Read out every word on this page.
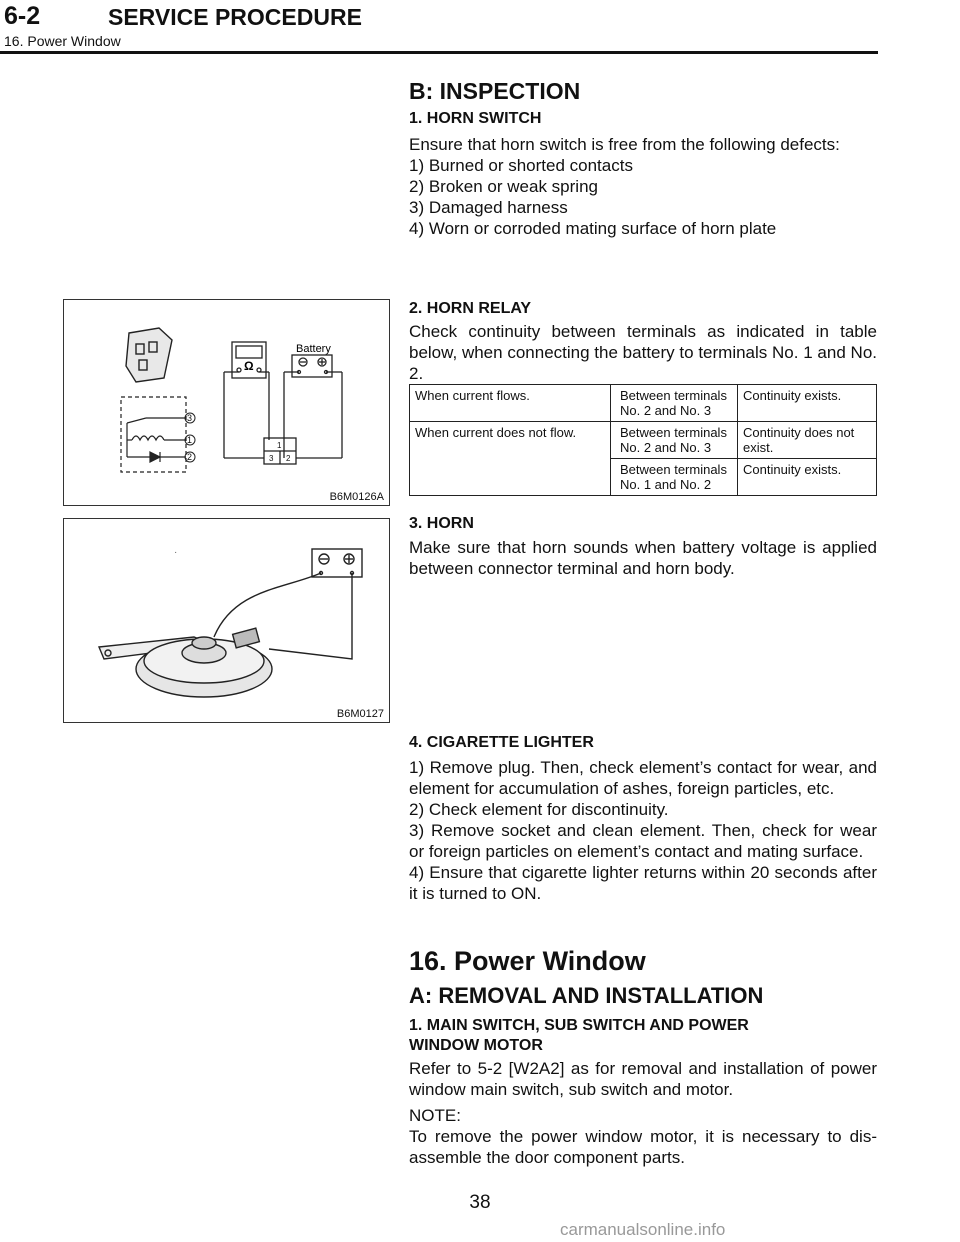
6-2	SERVICE PROCEDURE
16. Power Window
B: INSPECTION
1. HORN SWITCH

Ensure that horn switch is free from the following defects:

1) Burned or shorted contacts

2) Broken or weak spring

3) Damaged harness

4) Worn or corroded mating surface of horn plate

3
1
2
Ω
Battery
1
3 2
B6M0126A
2. HORN RELAY

Check continuity between terminals as indicated in table below, when connecting the battery to terminals No. 1 and No. 2.

When current flows.	Between terminals No. 2 and No. 3	Continuity exists.
When current does not flow.	Between terminals No. 2 and No. 3	Continuity does not exist.
	Between terminals No. 1 and No. 2	Continuity exists.
·
B6M0127
3. HORN

Make sure that horn sounds when battery voltage is applied between connector terminal and horn body.

4. CIGARETTE LIGHTER

1) Remove plug. Then, check element’s contact for wear, and element for accumulation of ashes, foreign particles, etc.

2) Check element for discontinuity.

3) Remove socket and clean element. Then, check for wear or foreign particles on element’s contact and mating surface.

4) Ensure that cigarette lighter returns within 20 seconds after it is turned to ON.

16. Power Window
A: REMOVAL AND INSTALLATION
1. MAIN SWITCH, SUB SWITCH AND POWER
WINDOW MOTOR

Refer to 5-2 [W2A2] as for removal and installation of power window main switch, sub switch and motor.

NOTE:

To remove the power window motor, it is necessary to dis-assemble the door component parts.

38
carmanualsonline.info
